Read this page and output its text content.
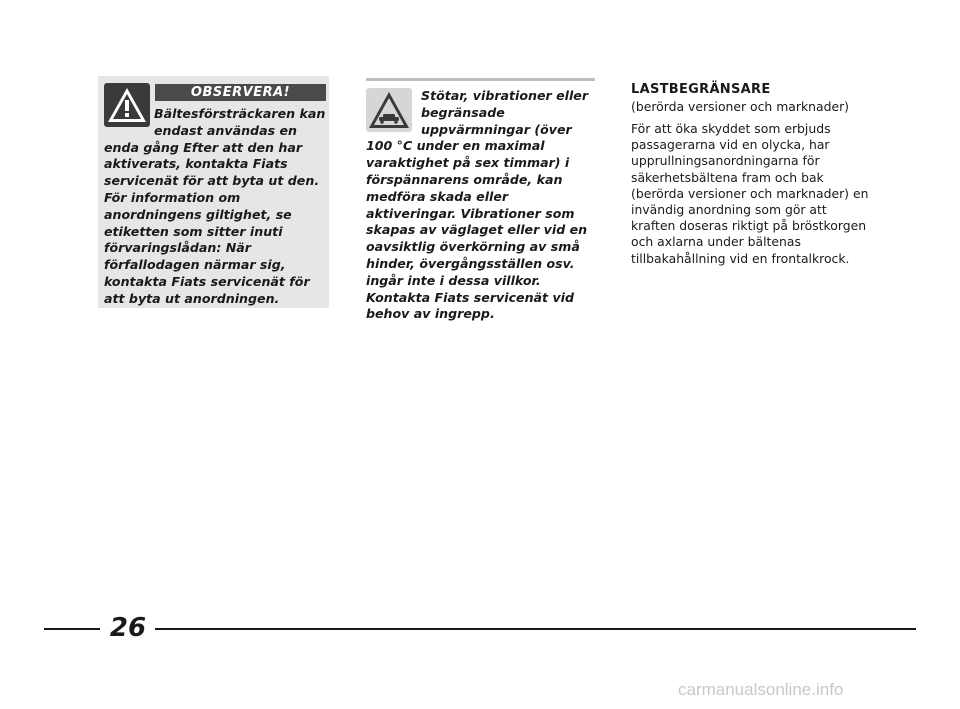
OBSERVERA!

Bältesförsträckaren kan endast användas en enda gång Efter att den har aktiverats, kontakta Fiats servicenät för att byta ut den. För information om anordningens giltighet, se etiketten som sitter inuti förvaringslådan: När förfallodagen närmar sig, kontakta Fiats servicenät för att byta ut anordningen.

Stötar, vibrationer eller begränsade uppvärmningar (över 100 °C under en maximal varaktighet på sex timmar) i förspännarens område, kan medföra skada eller aktiveringar. Vibrationer som skapas av väglaget eller vid en oavsiktlig överkörning av små hinder, övergångsställen osv. ingår inte i dessa villkor. Kontakta Fiats servicenät vid behov av ingrepp.

LASTBEGRÄNSARE

(berörda versioner och marknader)

För att öka skyddet som erbjuds passagerarna vid en olycka, har upprullningsanordningarna för säkerhetsbältena fram och bak (berörda versioner och marknader) en invändig anordning som gör att kraften doseras riktigt på bröstkorgen och axlarna under bältenas tillbakahållning vid en frontalkrock.

26
carmanualsonline.info
